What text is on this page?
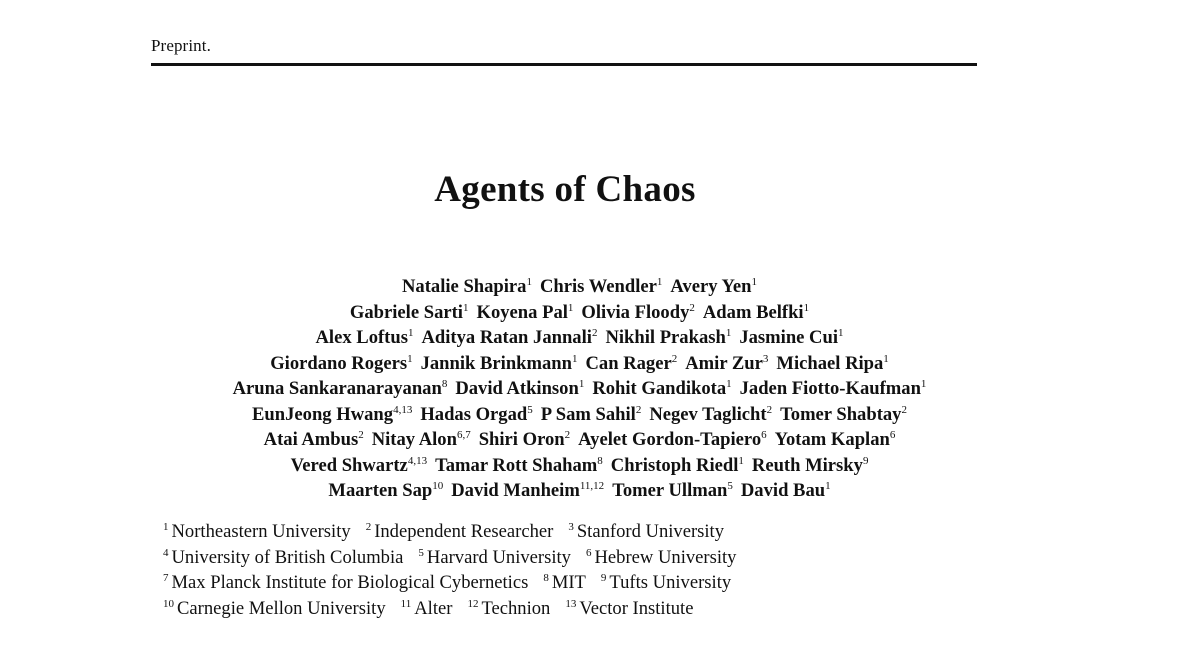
Preprint.
Agents of Chaos
Natalie Shapira$^1$ Chris Wendler$^1$ Avery Yen$^1$
Gabriele Sarti$^1$ Koyena Pal$^1$ Olivia Floody$^2$ Adam Belfki$^1$
Alex Loftus$^1$ Aditya Ratan Jannali$^2$ Nikhil Prakash$^1$ Jasmine Cui$^1$
Giordano Rogers$^1$ Jannik Brinkmann$^1$ Can Rager$^2$ Amir Zur$^3$ Michael Ripa$^1$
Aruna Sankaranarayanan$^8$ David Atkinson$^1$ Rohit Gandikota$^1$ Jaden Fiotto-Kaufman$^1$
EunJeong Hwang$^{4,13}$ Hadas Orgad$^5$ P Sam Sahil$^2$ Negev Taglicht$^2$ Tomer Shabtay$^2$
Atai Ambus$^2$ Nitay Alon$^{6,7}$ Shiri Oron$^2$ Ayelet Gordon-Tapiero$^6$ Yotam Kaplan$^6$
Vered Shwartz$^{4,13}$ Tamar Rott Shaham$^8$ Christoph Riedl$^1$ Reuth Mirsky$^9$
Maarten Sap$^{10}$ David Manheim$^{11,12}$ Tomer Ullman$^5$ David Bau$^1$
$^1$ Northeastern University $^2$ Independent Researcher $^3$ Stanford University
$^4$ University of British Columbia $^5$ Harvard University $^6$ Hebrew University
$^7$ Max Planck Institute for Biological Cybernetics $^8$ MIT $^9$ Tufts University
$^{10}$ Carnegie Mellon University $^{11}$ Alter $^{12}$ Technion $^{13}$ Vector Institute
